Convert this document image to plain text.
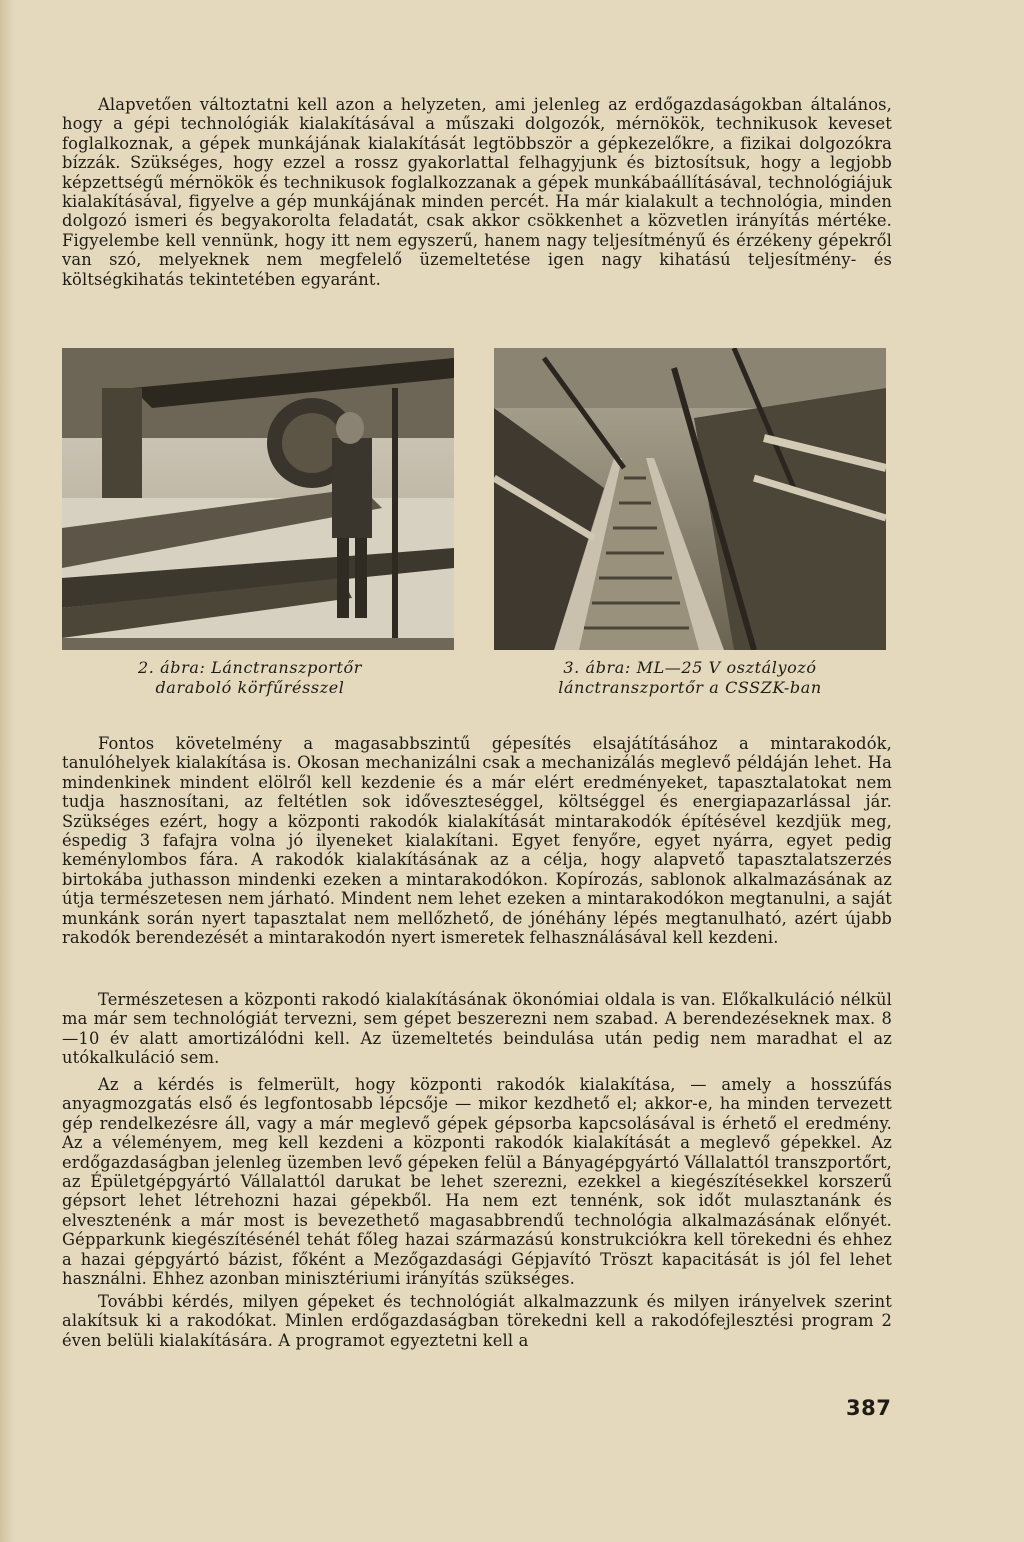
Alapvetően változtatni kell azon a helyzeten, ami jelenleg az erdőgazdaságokban általános, hogy a gépi technológiák kialakításával a műszaki dolgozók, mérnökök, technikusok keveset foglalkoznak, a gépek munkájának kialakítását legtöbbször a gépkezelőkre, a fizikai dolgozókra bízzák. Szükséges, hogy ezzel a rossz gyakorlattal felhagyjunk és biztosítsuk, hogy a legjobb képzettségű mérnökök és technikusok foglalkozzanak a gépek munkábaállításával, technológiájuk kialakításával, figyelve a gép munkájának minden percét. Ha már kialakult a technológia, minden dolgozó ismeri és begyakorolta feladatát, csak akkor csökkenhet a közvetlen irányítás mértéke. Figyelembe kell vennünk, hogy itt nem egyszerű, hanem nagy teljesítményű és érzékeny gépekről van szó, melyeknek nem megfelelő üzemeltetése igen nagy kihatású teljesítmény- és költségkihatás tekintetében egyaránt.

2. ábra: Lánctranszportőr
daraboló körfűrésszel
3. ábra: ML—25 V osztályozó
lánctranszportőr a CSSZK-ban

Fontos követelmény a magasabbszintű gépesítés elsajátításához a mintarakodók, tanulóhelyek kialakítása is. Okosan mechanizálni csak a mechanizálás meglevő példáján lehet. Ha mindenkinek mindent elölről kell kezdenie és a már elért eredményeket, tapasztalatokat nem tudja hasznosítani, az feltétlen sok időveszteséggel, költséggel és energiapazarlással jár. Szükséges ezért, hogy a központi rakodók kialakítását mintarakodók építésével kezdjük meg, éspedig 3 fafajra volna jó ilyeneket kialakítani. Egyet fenyőre, egyet nyárra, egyet pedig keménylombos fára. A rakodók kialakításának az a célja, hogy alapvető tapasztalatszerzés birtokába juthasson mindenki ezeken a mintarakodókon. Kopírozás, sablonok alkalmazásának az útja természetesen nem járható. Mindent nem lehet ezeken a mintarakodókon megtanulni, a saját munkánk során nyert tapasztalat nem mellőzhető, de jónéhány lépés megtanulható, azért újabb rakodók berendezését a mintarakodón nyert ismeretek felhasználásával kell kezdeni.

Természetesen a központi rakodó kialakításának ökonómiai oldala is van. Előkalkuláció nélkül ma már sem technológiát tervezni, sem gépet beszerezni nem szabad. A berendezéseknek max. 8—10 év alatt amortizálódni kell. Az üzemeltetés beindulása után pedig nem maradhat el az utókalkuláció sem.

Az a kérdés is felmerült, hogy központi rakodók kialakítása, — amely a hosszúfás anyagmozgatás első és legfontosabb lépcsője — mikor kezdhető el; akkor-e, ha minden tervezett gép rendelkezésre áll, vagy a már meglevő gépek gépsorba kapcsolásával is érhető el eredmény. Az a véleményem, meg kell kezdeni a központi rakodók kialakítását a meglevő gépekkel. Az erdőgazdaságban jelenleg üzemben levő gépeken felül a Bányagépgyártó Vállalattól transzportőrt, az Épületgépgyártó Vállalattól darukat be lehet szerezni, ezekkel a kiegészítésekkel korszerű gépsort lehet létrehozni hazai gépekből. Ha nem ezt tennénk, sok időt mulasztanánk és elvesztenénk a már most is bevezethető magasabbrendű technológia alkalmazásának előnyét. Gépparkunk kiegészítésénél tehát főleg hazai származású konstrukciókra kell törekedni és ehhez a hazai gépgyártó bázist, főként a Mezőgazdasági Gépjavító Tröszt kapacitását is jól fel lehet használni. Ehhez azonban minisztériumi irányítás szükséges.

További kérdés, milyen gépeket és technológiát alkalmazzunk és milyen irányelvek szerint alakítsuk ki a rakodókat. Minlen erdőgazdaságban törekedni kell a rakodófejlesztési program 2 éven belüli kialakítására. A programot egyeztetni kell a

387
